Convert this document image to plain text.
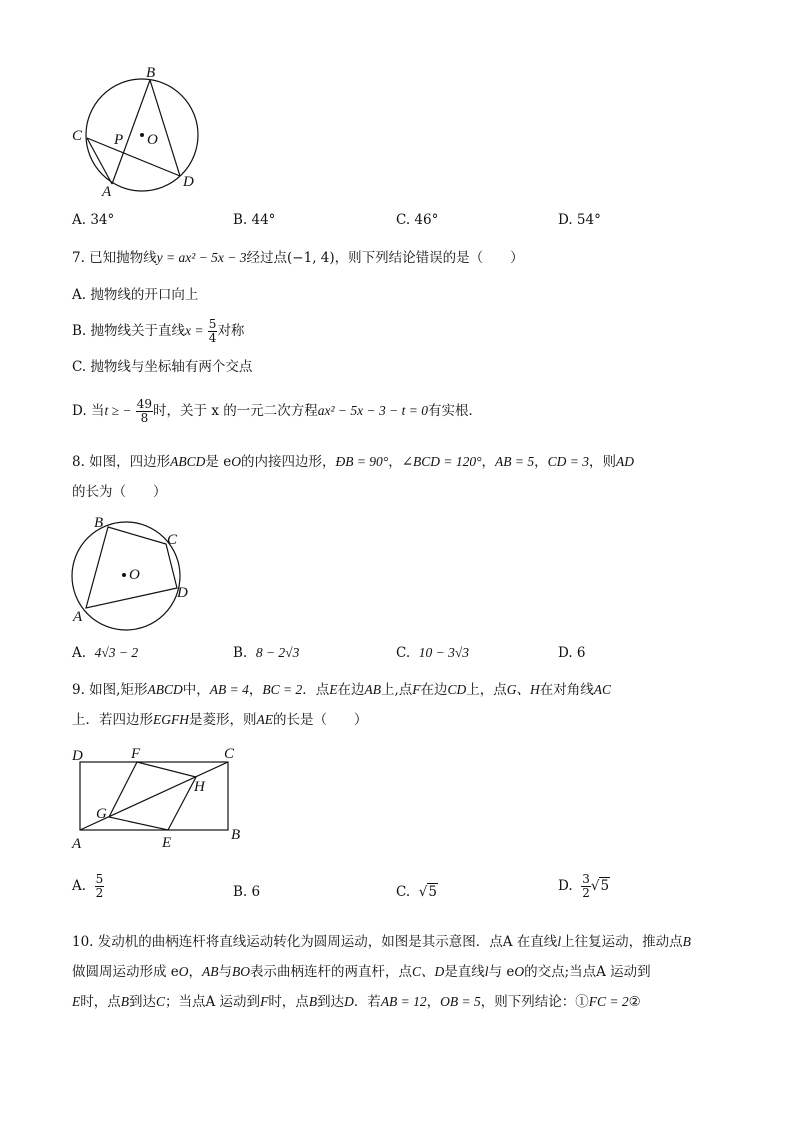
B
C P O
A
D
A. 34°	B. 44°	C. 46°	D. 54°
7. 已知抛物线y = ax² − 5x − 3经过点(−1, 4)，则下列结论错误的是（　　）
A. 抛物线的开口向上
B. 抛物线关于直线$x = \frac{5}{4}$ 对称
C. 抛物线与坐标轴有两个交点
D. 当t ≥ − $\frac{49}{8}$ 时，关于 x 的一元二次方程ax² − 5x − 3 − t = 0有实根．
8. 如图，四边形ABCD是 eO的内接四边形，ÐB = 90°，∠BCD = 120°，AB = 5，CD = 3，则AD
的长为（　　）
B
C
O
D
A
A. 4√3 − 2	B. 8 − 2√3	C. 10 − 3√3	D. 6
9. 如图,矩形ABCD中，AB = 4，BC = 2．点E在边AB上,点F在边CD上，点G、H在对角线AC
上．若四边形EGFH是菱形，则AE的长是（　　）
D	F	C
H
G
A	E	B
A. $\frac{5}{2}$	B. 6	C.  √5	D. $\frac{3}{2} √5$
10. 发动机的曲柄连杆将直线运动转化为圆周运动，如图是其示意图．点A 在直线l上往复运动，推动点B
做圆周运动形成 eO，AB与BO表示曲柄连杆的两直杆，点C、D是直线l与 eO的交点;当点A 运动到
E时，点B到达C；当点A 运动到F时，点B到达D．若AB = 12，OB = 5，则下列结论：①FC = 2②
